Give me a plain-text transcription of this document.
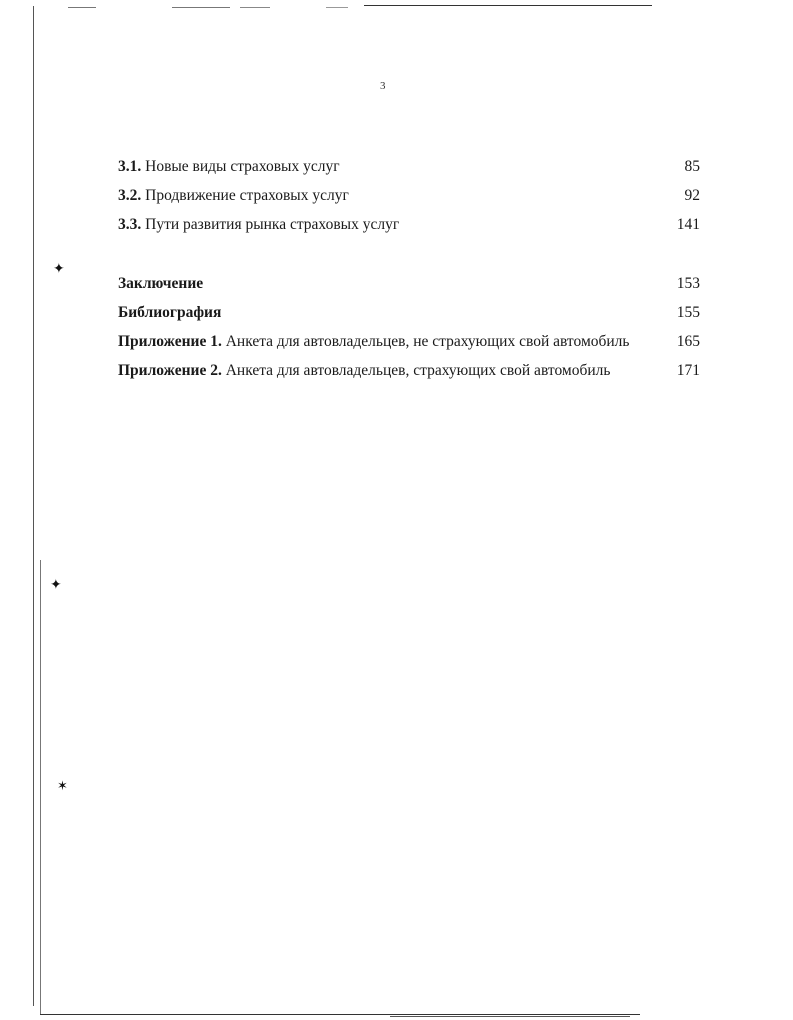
✦
✦
✶
3
3.1. Новые виды страховых услуг	85
3.2. Продвижение страховых услуг	92
3.3. Пути развития рынка страховых услуг	141
Заключение	153
Библиография	155
Приложение 1. Анкета для автовладельцев, не страхующих свой автомобиль	165
Приложение 2. Анкета для автовладельцев, страхующих свой автомобиль	171
